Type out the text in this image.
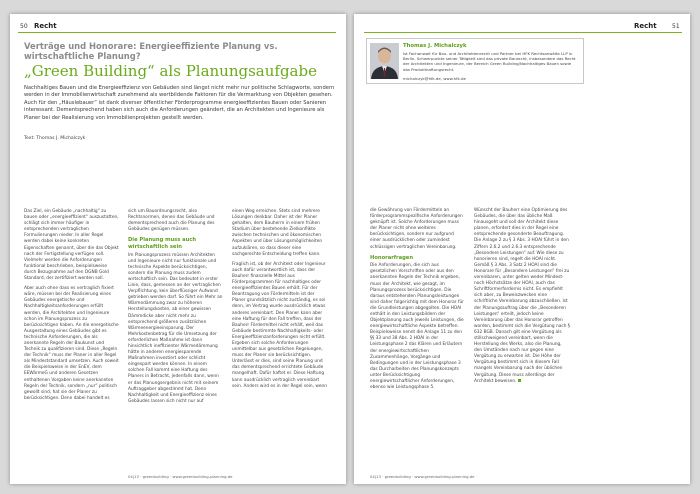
50 Recht
Verträge und Honorare: Energieeffiziente Planung vs. wirtschaftliche Planung?
„Green Building“ als Planungsaufgabe
Nachhaltiges Bauen und die Energieeffizienz von Gebäuden sind längst nicht mehr nur politische Schlagworte, sondern werden in der Immobilienwirtschaft zunehmend als wertbildende Faktoren für die Vermarktung von Objekten gesehen. Auch für den „Häuslebauer“ ist dank diverser öffentlicher Förderprogramme energieeffizientes Bauen oder Sanieren interessant. Dementsprechend haben sich auch die Anforderungen geändert, die an Architekten und Ingenieure als Planer bei der Realisierung von Immobilienprojekten gestellt werden.
Text: Thomas J. Michalczyk

Das Ziel, ein Gebäude „nachhaltig“ zu bauen oder „energieeffizient“ auszustatten, schlägt sich immer häufiger in entsprechenden vertraglichen Formulierungen nieder. In aller Regel werden dabei keine konkreten Eigenschaften genannt, über die das Objekt nach der Fertigstellung verfügen soll. Vielmehr werden die Anforderungen funktional beschrieben, beispielsweise durch Bezugnahme auf den DGNB Gold Standard, der zertifiziert werden soll.

Aber auch ohne dass es vertraglich fixiert wäre, müssen bei der Realisierung eines Gebäudes energetische und Nachhaltigkeitsanforderungen erfüllt werden, die Architekten und Ingenieure schon im Planungsprozess zu berücksichtigen haben. An die energetische Ausgestaltung eines Gebäudes gibt es technische Anforderungen, die als anerkannte Regeln der Baukunst und Technik zu qualifizieren sind. Diese „Regeln der Technik“ muss der Planer in aller Regel als Mindeststandard umsetzen. Auch soweit die Beispielsweise in der EnEV, dem EEWärmeG und anderen Gesetzen enthaltenen Vorgaben keine anerkannten Regeln der Technik, sondern „nur“ politisch gewollt sind, hat sie der Planer zu berücksichtigen. Denn dabei handelt es

sich um Bauordnungsrecht, also Rechtsnormen, denen das Gebäude und dementsprechend auch die Planung des Gebäudes genügen müssen.

Die Planung muss auch wirtschaftlich sein

Im Planungsprozess müssen Architekten und Ingenieure nicht nur funktionale und technische Aspekte berücksichtigen, sondern die Planung muss zudem wirtschaftlich sein. Das bedeutet in erster Linie, dass, gemessen an der vertraglichen Verpflichtung, kein überflüssiger Aufwand getrieben werden darf. So führt ein Mehr an Wärmedämmung zwar zu höheren Herstellungskosten, ab einer gewissen Dämmdicke aber nicht mehr zu entsprechend größeren zusätzlichen Wärmeenergieeinsparung. Der Mehrkostenbetrag für die Umsetzung der erforderlichen Maßnahme ist dann hinsichtlich ineffizienter Wärmedämmung hätte in anderen energiesparende Maßnahmen investiert oder schlicht eingespart werden können. In einem solchen Fall kommt eine Haftung des Planers in Betracht, jedenfalls dann, wenn er das Planungsergebnis nicht mit seinem Auftraggeber abgestimmt hat. Denn Nachhaltigkeit und Energieeffizienz eines Gebäudes lassen sich nicht nur auf

einen Weg erreichen. Stets sind mehrere Lösungen denkbar. Daher ist der Planer gehalten, dem Bauherrn in einem frühen Stadium über bestehende Zielkonflikte zwischen technischen und ökonomischen Aspekten und über Lösungsmöglichkeiten aufzuklären, so dass dieser eine sachgerechte Entscheidung treffen kann.

Fraglich ist, ob der Architekt oder Ingenieur auch dafür verantwortlich ist, dass der Bauherr finanzielle Mittel aus Förderprogrammen für nachhaltiges oder energieeffizientes Bauen erhält. Für der Beantragung von Fördermitteln ist der Planer grundsätzlich nicht zuständig, es sei denn, im Vertrag wurde ausdrücklich etwas anderes vereinbart. Den Planer kann aber eine Haftung für den Fall treffen, dass der Bauherr Fördermittel nicht erhält, weil das Gebäude bestimmte Nachhaltigkeits- oder Energieeffizienzanforderungen nicht erfüllt. Ergeben sich solche Anforderungen unmittelbar aus gesetzlichen Regelungen, muss der Planer sie berücksichtigen. Unterlässt er dies, sind seine Planung und das dementsprechend errichtete Gebäude mangelhaft. Dafür haftet er. Diese Haftung kann ausdrücklich vertraglich vereinbart sein. Anders wird es in der Regel sein, wenn

04|13 · greenbuilding · www.greenbuilding-planning.de
Recht	51
Thomas J. Michalczyk
ist Fachanwalt für Bau- und Architektenrecht und Partner bei HFK Rechtsanwälte LLP in Berlin. Schwerpunkte seiner Tätigkeit sind das private Baurecht, insbesondere das Recht der Architekten und Ingenieure, der Bereich Green Building/Nachhaltiges Bauen sowie das Produkthaftungsrecht.
michalczyk@hfk.de, www.hfk.de

die Gewährung von Fördermitteln an förderprogrammspezifische Anforderungen geknüpft ist. Solche Anforderungen muss der Planer nicht ohne weiteres berücksichtigen, sondern nur aufgrund einer ausdrücklichen oder zumindest schlüssigen vertraglichen Vereinbarung.

Honorarfragen

Die Anforderungen, die sich aus gesetzlichen Vorschriften oder aus den anerkannten Regeln der Technik ergeben, muss der Architekt, wie gesagt, im Planungsprozess berücksichtigen. Die daraus entstehenden Planungsleistungen sind daher folgerichtig mit dem Honorar für die Grundleistungen abgegolten. Die HOAI enthält in den Leistungsbildern der Objektplanung auch jeweils Leistungen, die energiewirtschaftliche Aspekte betreffen. Beispielsweise nennt die Anlage 11 zu den §§ 33 und 38 Abs. 2 HOAI in der Leistungsphase 2 das Klären und Erläutern der energiewirtschaftlichen Zusammenhänge, Vorgänge und Bedingungen und in der Leistungsphase 3 das Durcharbeiten des Planungskonzepts unter Berücksichtigung energiewirtschaftlicher Anforderungen, ebenso wie Leistungsphase 5.

Wünscht der Bauherr eine Optimierung des Gebäudes, die über das übliche Maß hinausgeht und soll der Architekt diese planen, erfordert dies in der Regel eine entsprechende gesonderte Beauftragung. Die Anlage 2 zu § 3 Abs. 3 HOAI führt in den Ziffern 2.6.2 und 2.6.3 entsprechende „Besondere Leistungen“ auf. Wie diese zu honorieren sind, regelt die HOAI nicht. Gemäß § 3 Abs. 3 Satz 2 HOAI sind die Honorare für „Besondere Leistungen“ frei zu vereinbaren, unter gelten weder Mindest- noch Höchstsätze der HOAI, auch das Schriftformerfordernis nicht. Es empfiehlt sich aber, zu Beweiszwecken eine schriftliche Vereinbarung abzuschließen. Ist der Planungsauftrag über die „Besonderen Leistungen“ erteilt, jedoch keine Vereinbarung über das Honorar getroffen worden, bestimmt sich die Vergütung nach § 632 BGB. Danach gilt eine Vergütung als stillschweigend vereinbart, wenn die Herstellung des Werks, also die Planung, den Umständen nach nur gegen eine Vergütung zu erwarten ist. Die Höhe der Vergütung bestimmt sich in diesem Fall mangels Vereinbarung nach der üblichen Vergütung. Diese muss allerdings der Architekt beweisen.

04|13 · greenbuilding · www.greenbuilding-planning.de
